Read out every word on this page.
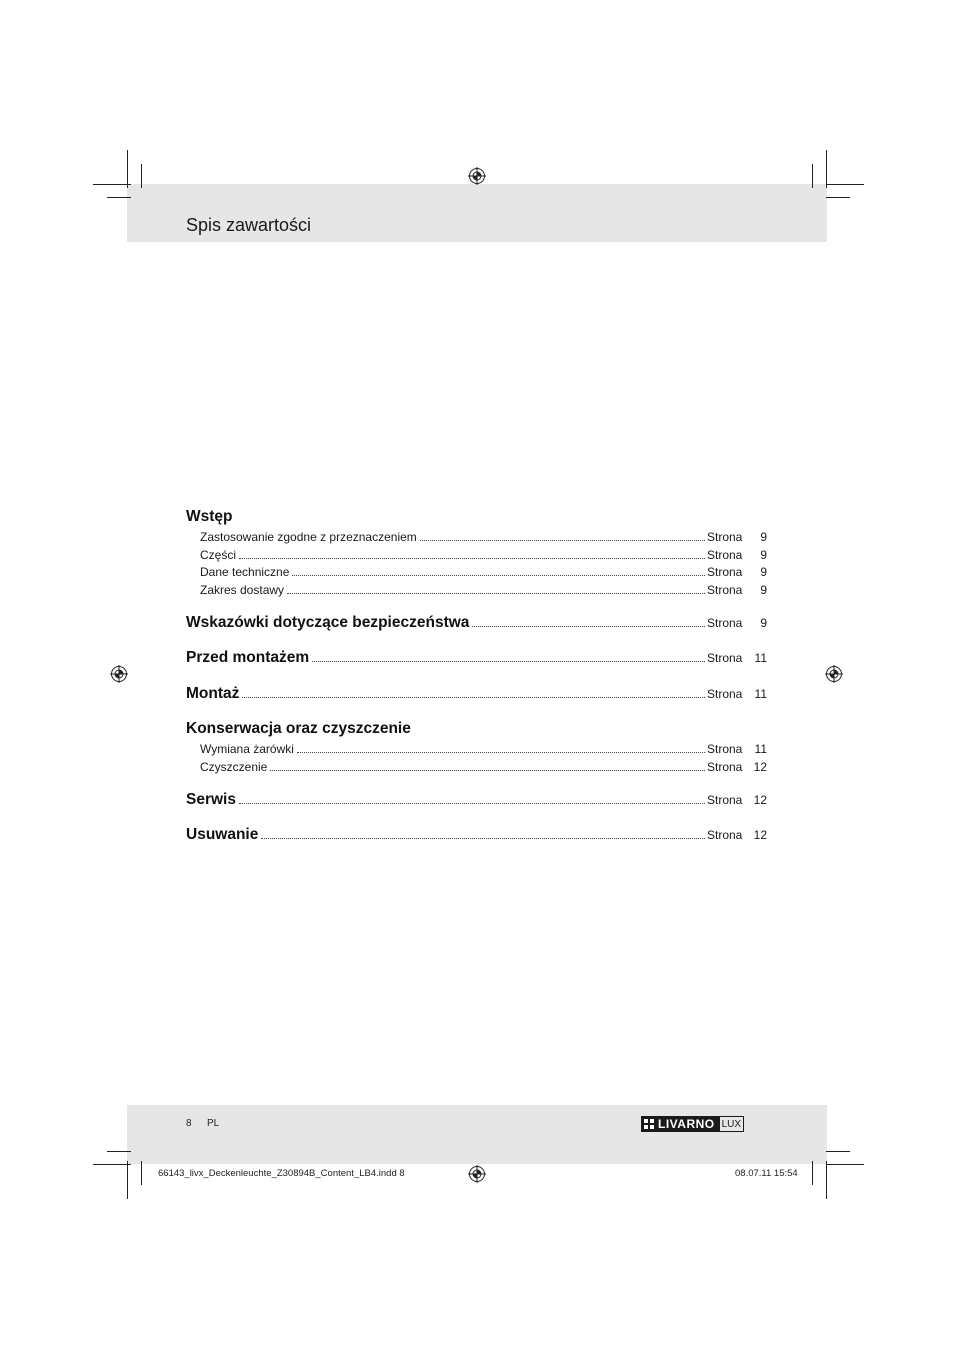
Spis zawartości
Wstęp
Zastosowanie zgodne z przeznaczeniem	Strona	9
Części	Strona	9
Dane techniczne	Strona	9
Zakres dostawy	Strona	9
Wskazówki dotyczące bezpieczeństwa	Strona	9
Przed montażem	Strona	11
Montaż	Strona	11
Konserwacja oraz czyszczenie
Wymiana żarówki	Strona	11
Czyszczenie	Strona 12
Serwis	Strona 12
Usuwanie	Strona 12
8 PL	LIVARNO LUX
66143_livx_Deckenleuchte_Z30894B_Content_LB4.indd 8	08.07.11 15:54
